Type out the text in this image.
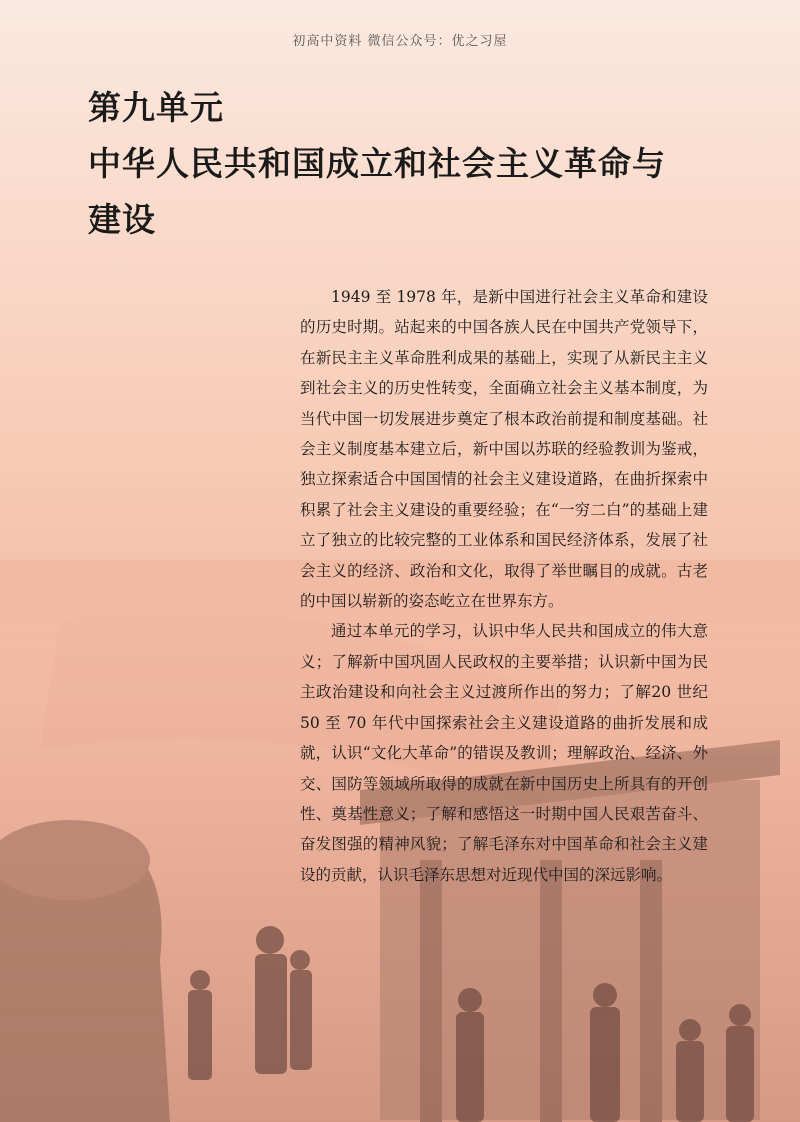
初高中资料 微信公众号：优之习屋
第九单元
中华人民共和国成立和社会主义革命与
建设

1949 至 1978 年，是新中国进行社会主义革命和建设的历史时期。站起来的中国各族人民在中国共产党领导下，在新民主主义革命胜利成果的基础上，实现了从新民主主义到社会主义的历史性转变，全面确立社会主义基本制度，为当代中国一切发展进步奠定了根本政治前提和制度基础。社会主义制度基本建立后，新中国以苏联的经验教训为鉴戒，独立探索适合中国国情的社会主义建设道路，在曲折探索中积累了社会主义建设的重要经验；在“一穷二白”的基础上建立了独立的比较完整的工业体系和国民经济体系，发展了社会主义的经济、政治和文化，取得了举世瞩目的成就。古老的中国以崭新的姿态屹立在世界东方。

通过本单元的学习，认识中华人民共和国成立的伟大意义；了解新中国巩固人民政权的主要举措；认识新中国为民主政治建设和向社会主义过渡所作出的努力；了解20 世纪 50 至 70 年代中国探索社会主义建设道路的曲折发展和成就，认识“文化大革命”的错误及教训；理解政治、经济、外交、国防等领域所取得的成就在新中国历史上所具有的开创性、奠基性意义；了解和感悟这一时期中国人民艰苦奋斗、奋发图强的精神风貌；了解毛泽东对中国革命和社会主义建设的贡献，认识毛泽东思想对近现代中国的深远影响。
